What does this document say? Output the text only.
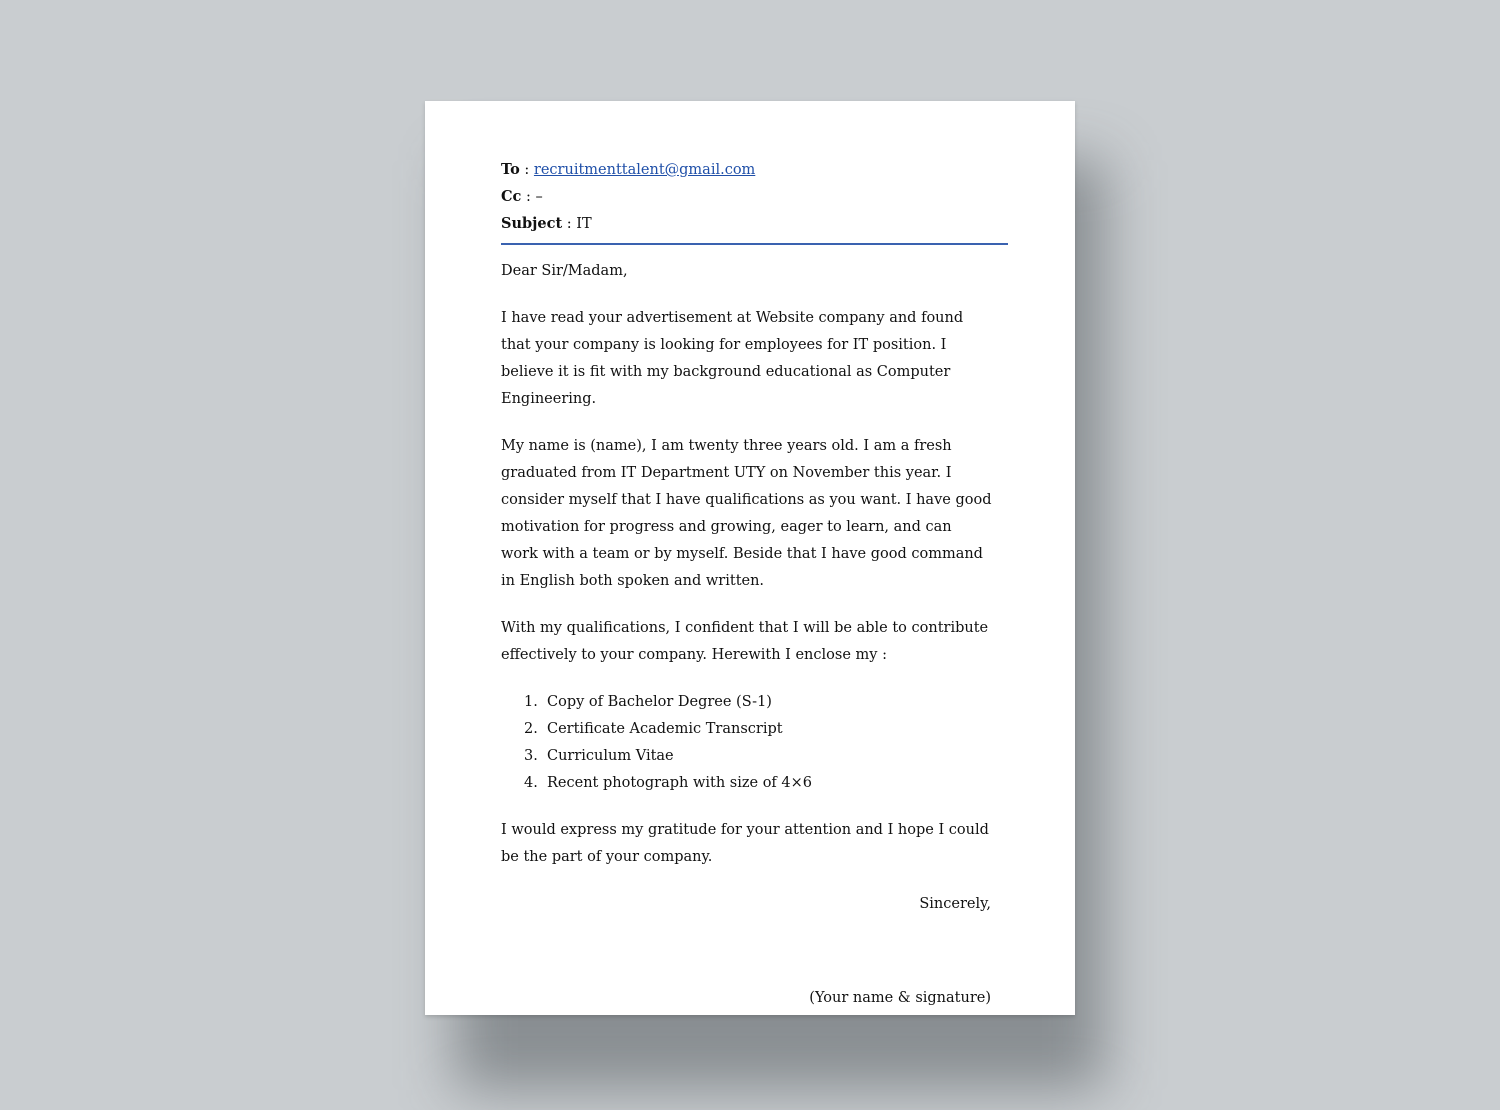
To : recruitmenttalent@gmail.com
Cc : –
Subject : IT

Dear Sir/Madam,

I have read your advertisement at Website company and found that your company is looking for employees for IT position. I believe it is fit with my background educational as Computer Engineering.

My name is (name), I am twenty three years old. I am a fresh graduated from IT Department UTY on November this year. I consider myself that I have qualifications as you want. I have good motivation for progress and growing, eager to learn, and can work with a team or by myself. Beside that I have good command in English both spoken and written.

With my qualifications, I confident that I will be able to contribute effectively to your company. Herewith I enclose my :

1. Copy of Bachelor Degree (S-1)
2. Certificate Academic Transcript
3. Curriculum Vitae
4. Recent photograph with size of 4×6

I would express my gratitude for your attention and I hope I could be the part of your company.

Sincerely,

(Your name & signature)
